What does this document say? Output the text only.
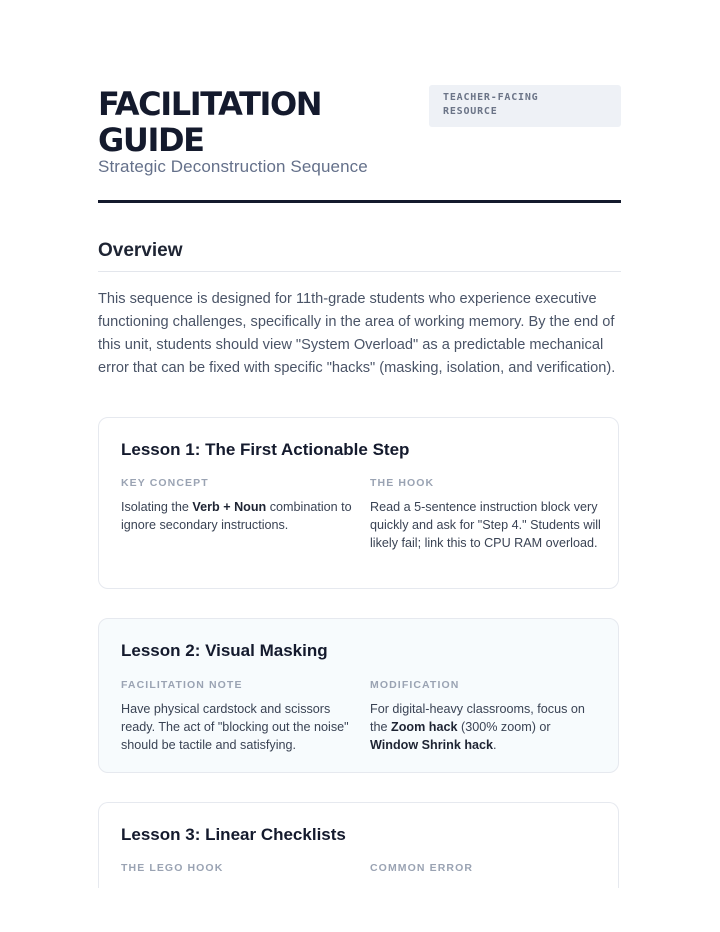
FACILITATION
GUIDE
Strategic Deconstruction Sequence
TEACHER-FACING
RESOURCE
Overview

This sequence is designed for 11th-grade students who experience executive functioning challenges, specifically in the area of working memory. By the end of this unit, students should view "System Overload" as a predictable mechanical error that can be fixed with specific "hacks" (masking, isolation, and verification).

Lesson 1: The First Actionable Step

KEY CONCEPT

Isolating the Verb + Noun combination to ignore secondary instructions.

THE HOOK

Read a 5-sentence instruction block very quickly and ask for "Step 4." Students will likely fail; link this to CPU RAM overload.

Lesson 2: Visual Masking

FACILITATION NOTE

Have physical cardstock and scissors ready. The act of "blocking out the noise" should be tactile and satisfying.

MODIFICATION

For digital-heavy classrooms, focus on the Zoom hack (300% zoom) or Window Shrink hack.

Lesson 3: Linear Checklists

THE LEGO HOOK	COMMON ERROR
